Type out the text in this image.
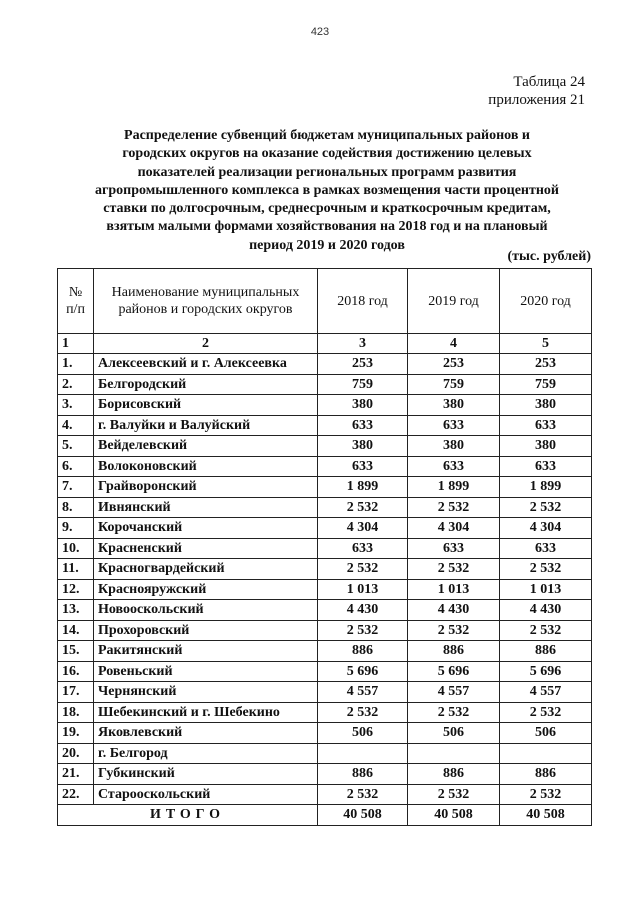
423
Таблица 24
приложения 21
Распределение субвенций бюджетам муниципальных районов и
городских округов на оказание содействия достижению целевых
показателей реализации региональных программ развития
агропромышленного комплекса в рамках возмещения части процентной
ставки по долгосрочным, среднесрочным и краткосрочным кредитам,
взятым малыми формами хозяйствования на 2018 год и на плановый
период 2019 и 2020 годов
(тыс. рублей)
№ п/п	Наименование муниципальных районов и городских округов	2018 год	2019 год	2020 год
1	2	3	4	5
1.	Алексеевский и г. Алексеевка	253	253	253
2.	Белгородский	759	759	759
3.	Борисовский	380	380	380
4.	г. Валуйки и Валуйский	633	633	633
5.	Вейделевский	380	380	380
6.	Волоконовский	633	633	633
7.	Грайворонский	1 899	1 899	1 899
8.	Ивнянский	2 532	2 532	2 532
9.	Корочанский	4 304	4 304	4 304
10.	Красненский	633	633	633
11.	Красногвардейский	2 532	2 532	2 532
12.	Краснояружский	1 013	1 013	1 013
13.	Новооскольский	4 430	4 430	4 430
14.	Прохоровский	2 532	2 532	2 532
15.	Ракитянский	886	886	886
16.	Ровеньский	5 696	5 696	5 696
17.	Чернянский	4 557	4 557	4 557
18.	Шебекинский и г. Шебекино	2 532	2 532	2 532
19.	Яковлевский	506	506	506
20.	г. Белгород			
21.	Губкинский	886	886	886
22.	Старооскольский	2 532	2 532	2 532
ИТОГО		40 508	40 508	40 508
